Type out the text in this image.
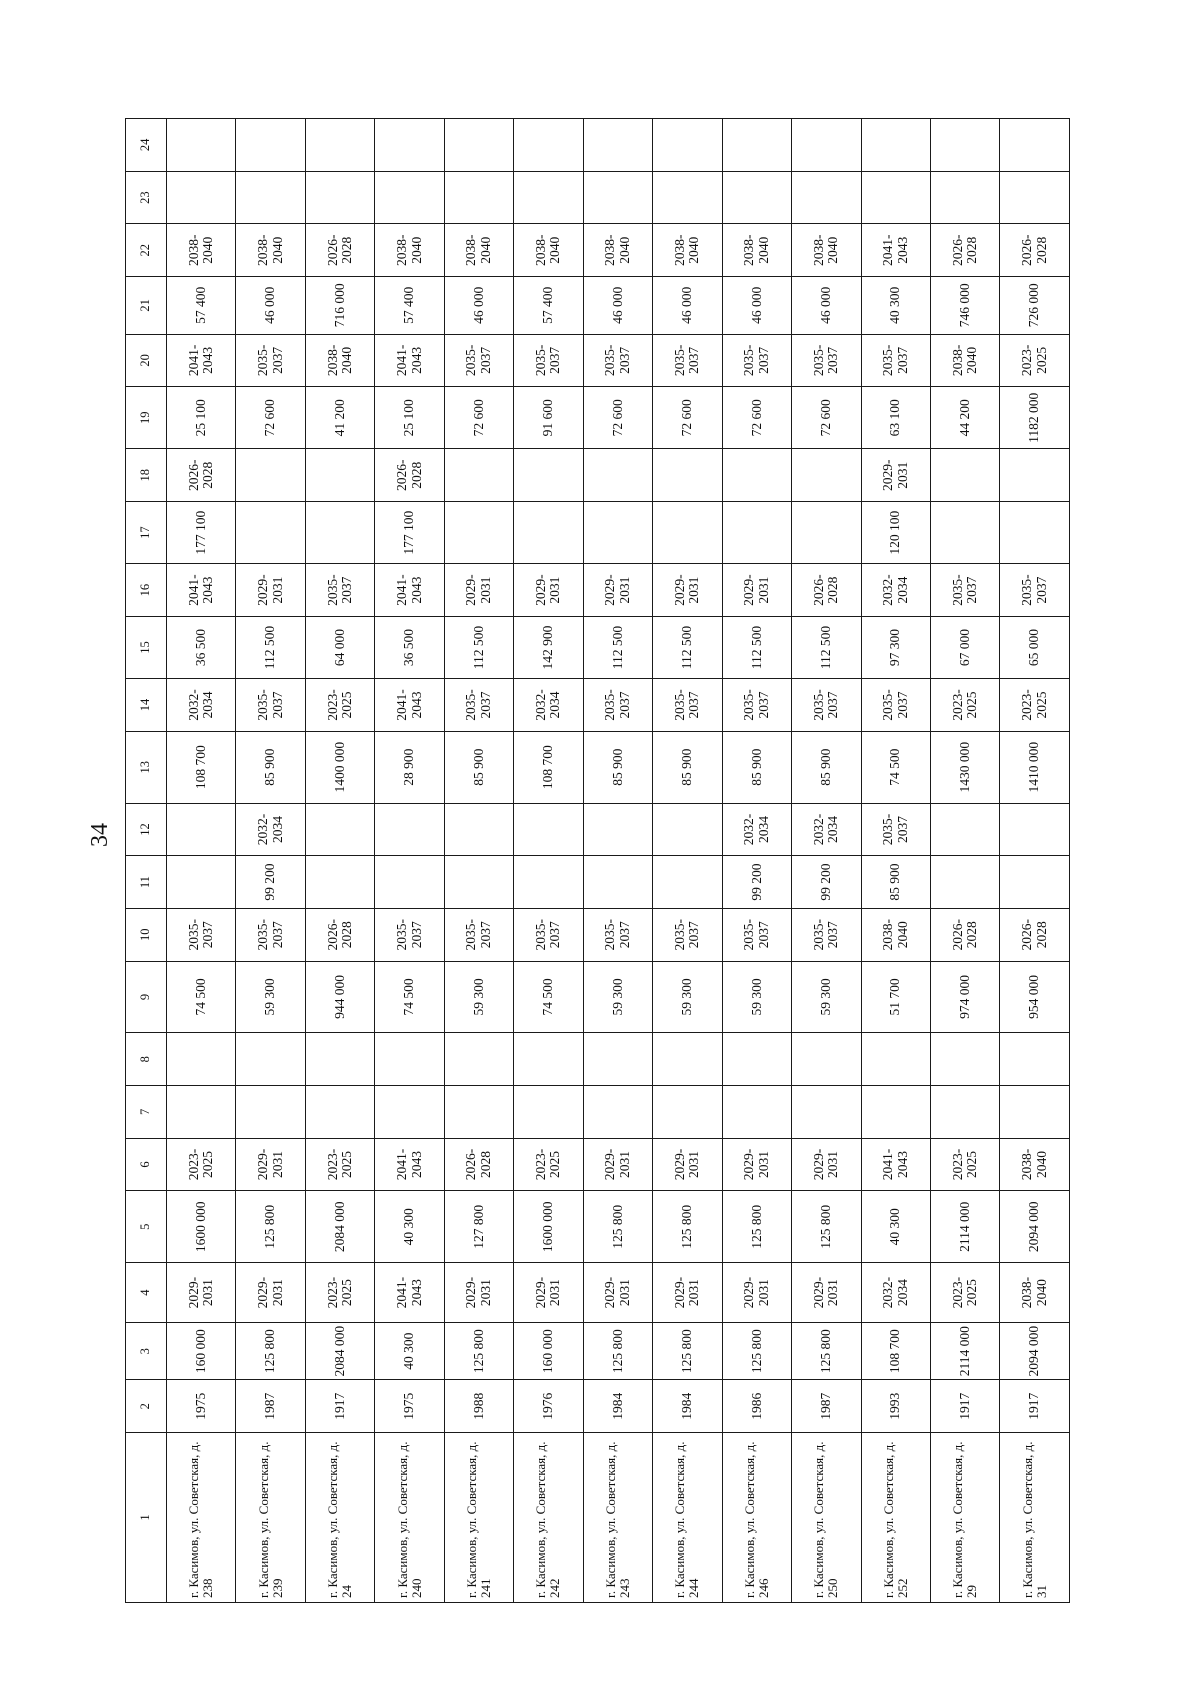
34
1	2	3	4	5	6	7	8	9	10	11	12	13	14	15	16	17	18	19	20	21	22	23	24
г. Касимов, ул. Советская, д. 238	1975	160 000	2029-2031	1600 000	2023-2025			74 500	2035-2037			108 700	2032-2034	36 500	2041-2043	177 100	2026-2028	25 100	2041-2043	57 400	2038-2040		
г. Касимов, ул. Советская, д. 239	1987	125 800	2029-2031	125 800	2029-2031			59 300	2035-2037	99 200	2032-2034	85 900	2035-2037	112 500	2029-2031			72 600	2035-2037	46 000	2038-2040		
г. Касимов, ул. Советская, д. 24	1917	2084 000	2023-2025	2084 000	2023-2025			944 000	2026-2028			1400 000	2023-2025	64 000	2035-2037			41 200	2038-2040	716 000	2026-2028		
г. Касимов, ул. Советская, д. 240	1975	40 300	2041-2043	40 300	2041-2043			74 500	2035-2037			28 900	2041-2043	36 500	2041-2043	177 100	2026-2028	25 100	2041-2043	57 400	2038-2040		
г. Касимов, ул. Советская, д. 241	1988	125 800	2029-2031	127 800	2026-2028			59 300	2035-2037			85 900	2035-2037	112 500	2029-2031			72 600	2035-2037	46 000	2038-2040		
г. Касимов, ул. Советская, д. 242	1976	160 000	2029-2031	1600 000	2023-2025			74 500	2035-2037			108 700	2032-2034	142 900	2029-2031			91 600	2035-2037	57 400	2038-2040		
г. Касимов, ул. Советская, д. 243	1984	125 800	2029-2031	125 800	2029-2031			59 300	2035-2037			85 900	2035-2037	112 500	2029-2031			72 600	2035-2037	46 000	2038-2040		
г. Касимов, ул. Советская, д. 244	1984	125 800	2029-2031	125 800	2029-2031			59 300	2035-2037			85 900	2035-2037	112 500	2029-2031			72 600	2035-2037	46 000	2038-2040		
г. Касимов, ул. Советская, д. 246	1986	125 800	2029-2031	125 800	2029-2031			59 300	2035-2037	99 200	2032-2034	85 900	2035-2037	112 500	2029-2031			72 600	2035-2037	46 000	2038-2040		
г. Касимов, ул. Советская, д. 250	1987	125 800	2029-2031	125 800	2029-2031			59 300	2035-2037	99 200	2032-2034	85 900	2035-2037	112 500	2026-2028			72 600	2035-2037	46 000	2038-2040		
г. Касимов, ул. Советская, д. 252	1993	108 700	2032-2034	40 300	2041-2043			51 700	2038-2040	85 900	2035-2037	74 500	2035-2037	97 300	2032-2034	120 100	2029-2031	63 100	2035-2037	40 300	2041-2043		
г. Касимов, ул. Советская, д. 29	1917	2114 000	2023-2025	2114 000	2023-2025			974 000	2026-2028			1430 000	2023-2025	67 000	2035-2037			44 200	2038-2040	746 000	2026-2028		
г. Касимов, ул. Советская, д. 31	1917	2094 000	2038-2040	2094 000	2038-2040			954 000	2026-2028			1410 000	2023-2025	65 000	2035-2037			1182 000	2023-2025	726 000	2026-2028		
